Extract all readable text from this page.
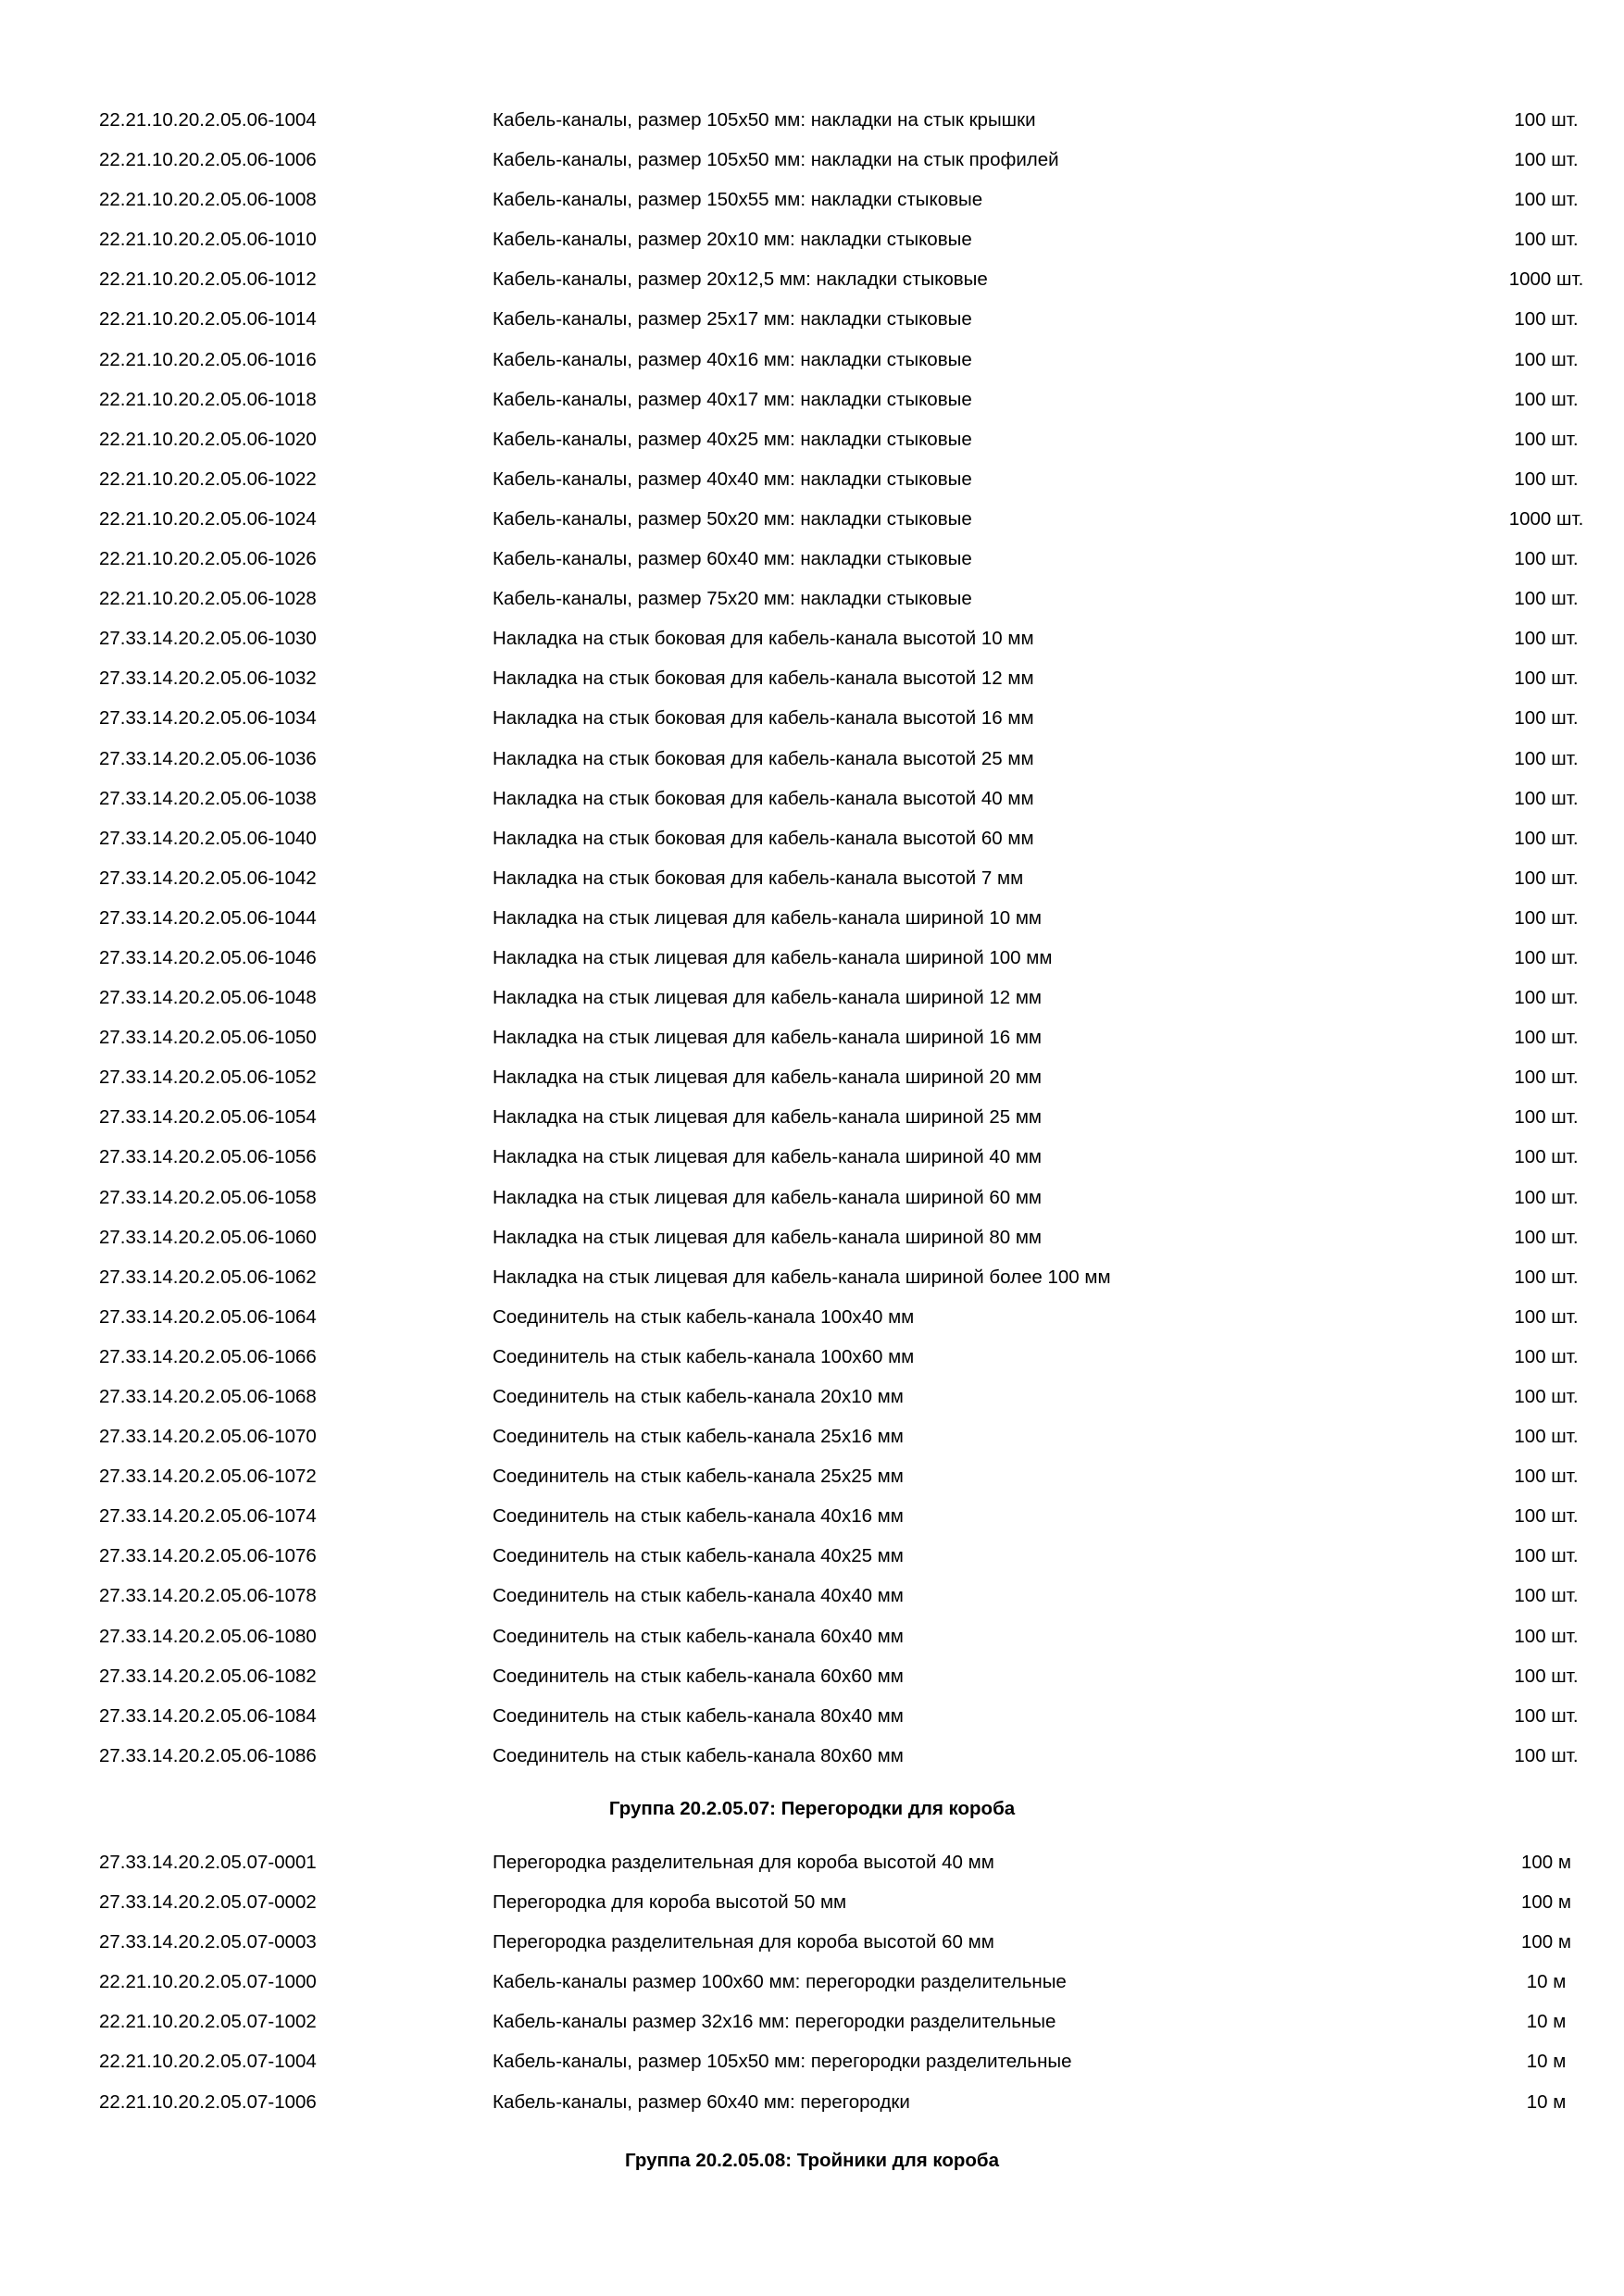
22.21.10.20.2.05.06-1004	Кабель-каналы, размер 105х50 мм: накладки на стык крышки	100 шт.
22.21.10.20.2.05.06-1006	Кабель-каналы, размер 105х50 мм: накладки на стык профилей	100 шт.
22.21.10.20.2.05.06-1008	Кабель-каналы, размер 150х55 мм: накладки стыковые	100 шт.
22.21.10.20.2.05.06-1010	Кабель-каналы, размер 20х10 мм: накладки стыковые	100 шт.
22.21.10.20.2.05.06-1012	Кабель-каналы, размер 20х12,5 мм: накладки стыковые	1000 шт.
22.21.10.20.2.05.06-1014	Кабель-каналы, размер 25х17 мм: накладки стыковые	100 шт.
22.21.10.20.2.05.06-1016	Кабель-каналы, размер 40х16 мм: накладки стыковые	100 шт.
22.21.10.20.2.05.06-1018	Кабель-каналы, размер 40х17 мм: накладки стыковые	100 шт.
22.21.10.20.2.05.06-1020	Кабель-каналы, размер 40х25 мм: накладки стыковые	100 шт.
22.21.10.20.2.05.06-1022	Кабель-каналы, размер 40х40 мм: накладки стыковые	100 шт.
22.21.10.20.2.05.06-1024	Кабель-каналы, размер 50х20 мм: накладки стыковые	1000 шт.
22.21.10.20.2.05.06-1026	Кабель-каналы, размер 60х40 мм: накладки стыковые	100 шт.
22.21.10.20.2.05.06-1028	Кабель-каналы, размер 75х20 мм: накладки стыковые	100 шт.
27.33.14.20.2.05.06-1030	Накладка на стык боковая для кабель-канала высотой 10 мм	100 шт.
27.33.14.20.2.05.06-1032	Накладка на стык боковая для кабель-канала высотой 12 мм	100 шт.
27.33.14.20.2.05.06-1034	Накладка на стык боковая для кабель-канала высотой 16 мм	100 шт.
27.33.14.20.2.05.06-1036	Накладка на стык боковая для кабель-канала высотой 25 мм	100 шт.
27.33.14.20.2.05.06-1038	Накладка на стык боковая для кабель-канала высотой 40 мм	100 шт.
27.33.14.20.2.05.06-1040	Накладка на стык боковая для кабель-канала высотой 60 мм	100 шт.
27.33.14.20.2.05.06-1042	Накладка на стык боковая для кабель-канала высотой 7 мм	100 шт.
27.33.14.20.2.05.06-1044	Накладка на стык лицевая для кабель-канала шириной 10 мм	100 шт.
27.33.14.20.2.05.06-1046	Накладка на стык лицевая для кабель-канала шириной 100 мм	100 шт.
27.33.14.20.2.05.06-1048	Накладка на стык лицевая для кабель-канала шириной 12 мм	100 шт.
27.33.14.20.2.05.06-1050	Накладка на стык лицевая для кабель-канала шириной 16 мм	100 шт.
27.33.14.20.2.05.06-1052	Накладка на стык лицевая для кабель-канала шириной 20 мм	100 шт.
27.33.14.20.2.05.06-1054	Накладка на стык лицевая для кабель-канала шириной 25 мм	100 шт.
27.33.14.20.2.05.06-1056	Накладка на стык лицевая для кабель-канала шириной 40 мм	100 шт.
27.33.14.20.2.05.06-1058	Накладка на стык лицевая для кабель-канала шириной 60 мм	100 шт.
27.33.14.20.2.05.06-1060	Накладка на стык лицевая для кабель-канала шириной 80 мм	100 шт.
27.33.14.20.2.05.06-1062	Накладка на стык лицевая для кабель-канала шириной более 100 мм	100 шт.
27.33.14.20.2.05.06-1064	Соединитель на стык кабель-канала 100х40 мм	100 шт.
27.33.14.20.2.05.06-1066	Соединитель на стык кабель-канала 100х60 мм	100 шт.
27.33.14.20.2.05.06-1068	Соединитель на стык кабель-канала 20х10 мм	100 шт.
27.33.14.20.2.05.06-1070	Соединитель на стык кабель-канала 25х16 мм	100 шт.
27.33.14.20.2.05.06-1072	Соединитель на стык кабель-канала 25х25 мм	100 шт.
27.33.14.20.2.05.06-1074	Соединитель на стык кабель-канала 40х16 мм	100 шт.
27.33.14.20.2.05.06-1076	Соединитель на стык кабель-канала 40х25 мм	100 шт.
27.33.14.20.2.05.06-1078	Соединитель на стык кабель-канала 40х40 мм	100 шт.
27.33.14.20.2.05.06-1080	Соединитель на стык кабель-канала 60х40 мм	100 шт.
27.33.14.20.2.05.06-1082	Соединитель на стык кабель-канала 60х60 мм	100 шт.
27.33.14.20.2.05.06-1084	Соединитель на стык кабель-канала 80х40 мм	100 шт.
27.33.14.20.2.05.06-1086	Соединитель на стык кабель-канала 80х60 мм	100 шт.
Группа 20.2.05.07: Перегородки для короба
27.33.14.20.2.05.07-0001	Перегородка разделительная для короба высотой 40 мм	100 м
27.33.14.20.2.05.07-0002	Перегородка для короба высотой 50 мм	100 м
27.33.14.20.2.05.07-0003	Перегородка разделительная для короба высотой 60 мм	100 м
22.21.10.20.2.05.07-1000	Кабель-каналы размер 100х60 мм: перегородки разделительные	10 м
22.21.10.20.2.05.07-1002	Кабель-каналы размер 32х16 мм: перегородки разделительные	10 м
22.21.10.20.2.05.07-1004	Кабель-каналы, размер 105х50 мм: перегородки разделительные	10 м
22.21.10.20.2.05.07-1006	Кабель-каналы, размер 60х40 мм: перегородки	10 м
Группа 20.2.05.08: Тройники для короба
